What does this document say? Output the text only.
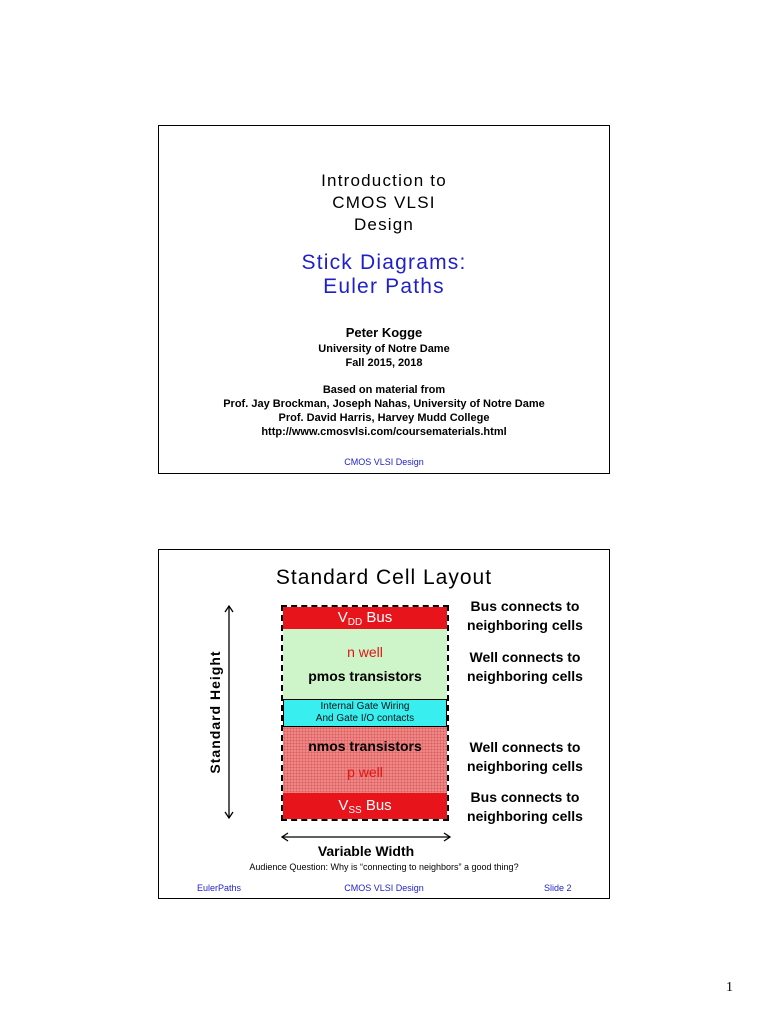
Introduction to
CMOS VLSI
Design
Stick Diagrams:
Euler Paths
Peter Kogge
University of Notre Dame
Fall 2015, 2018
Based on material from
Prof. Jay Brockman, Joseph Nahas, University of Notre Dame
Prof. David Harris, Harvey Mudd College
http://www.cmosvlsi.com/coursematerials.html
CMOS VLSI Design
Standard Cell Layout
Standard Height
$V_{DD}$ Bus
n well
pmos transistors
Internal Gate Wiring
And Gate I/O contacts
nmos transistors
p well
$V_{SS}$ Bus
Bus connects to
neighboring cells
Well connects to
neighboring cells
Well connects to
neighboring cells
Bus connects to
neighboring cells
Variable Width
Audience Question: Why is “connecting to neighbors” a good thing?
EulerPaths	CMOS VLSI Design	Slide 2
1
